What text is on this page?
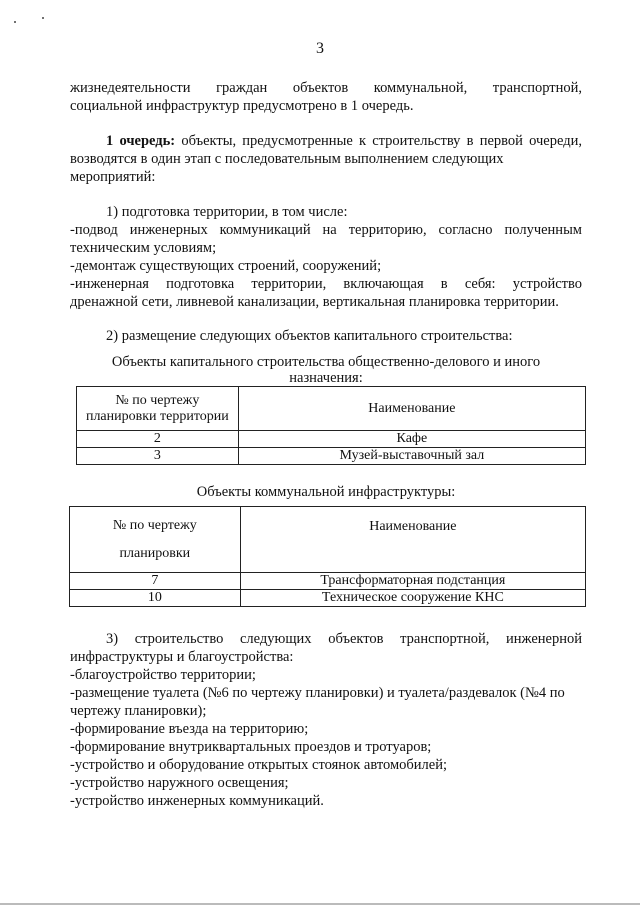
3

жизнедеятельности граждан объектов коммунальной, транспортной,

социальной инфраструктур предусмотрено в 1 очередь.

1 очередь: объекты, предусмотренные к строительству в первой очереди,

возводятся в один этап с последовательным выполнением следующих

мероприятий:

1) подготовка территории, в том числе:

-подвод инженерных коммуникаций на территорию, согласно полученным

техническим условиям;

-демонтаж существующих строений, сооружений;

-инженерная подготовка территории, включающая в себя: устройство

дренажной сети, ливневой канализации, вертикальная планировка территории.

2) размещение следующих объектов капитального строительства:

Объекты капитального строительства общественно-делового и иного

назначения:

№ по чертежу
планировки территории	Наименование
2	Кафе
3	Музей-выставочный зал

Объекты коммунальной инфраструктуры:

№ по чертежу
планировки	Наименование
7	Трансформаторная подстанция
10	Техническое сооружение КНС

3) строительство следующих объектов транспортной, инженерной

инфраструктуры и благоустройства:

-благоустройство территории;

-размещение туалета (№6 по чертежу планировки) и туалета/раздевалок (№4 по

чертежу планировки);

-формирование въезда на территорию;

-формирование внутриквартальных проездов и тротуаров;

-устройство и оборудование открытых стоянок автомобилей;

-устройство наружного освещения;

-устройство инженерных коммуникаций.
